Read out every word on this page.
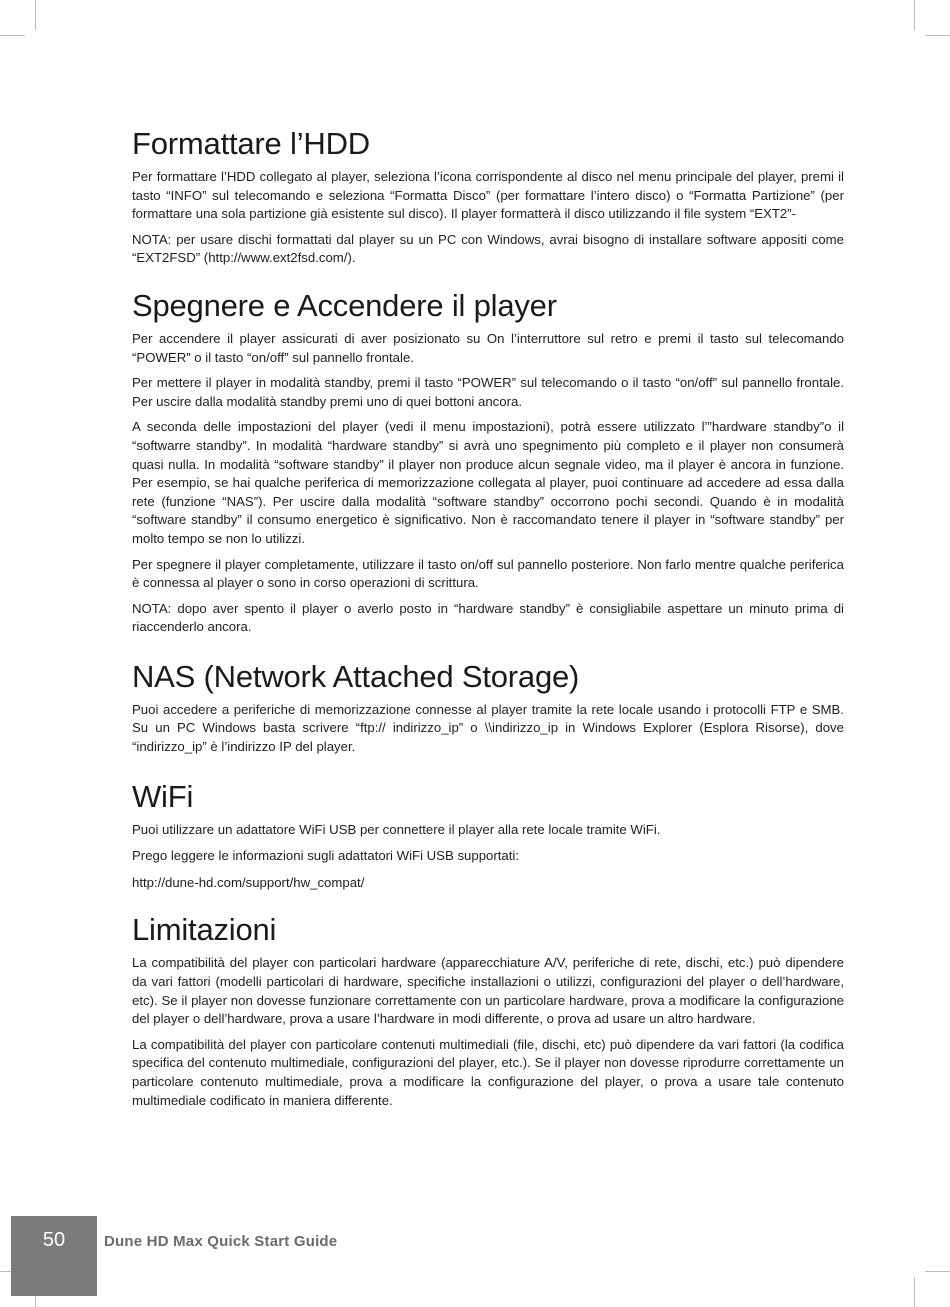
Formattare l’HDD

Per formattare l’HDD collegato al player, seleziona l’icona corrispondente al disco nel menu principale del player, premi il tasto “INFO” sul telecomando e seleziona “Formatta Disco” (per formattare l’intero disco) o “Formatta Partizione” (per formattare una sola partizione già esistente sul disco). Il player formatterà il disco utilizzando il file system “EXT2”-

NOTA: per usare dischi formattati dal player su un PC con Windows, avrai bisogno di installare software appositi come “EXT2FSD” (http://www.ext2fsd.com/).

Spegnere e Accendere il player

Per accendere il player assicurati di aver posizionato su On l’interruttore sul retro e premi il tasto sul telecomando “POWER” o il tasto “on/off” sul pannello frontale.

Per mettere il player in modalità standby, premi il tasto “POWER” sul telecomando o il tasto “on/off” sul pannello frontale. Per uscire dalla modalità standby premi uno di quei bottoni ancora.

A seconda delle impostazioni del player (vedi il menu impostazioni), potrà essere utilizzato l’”hardware standby”o il “softwarre standby”. In modalità “hardware standby” si avrà uno spegnimento più completo e il player non consumerà quasi nulla. In modalità “software standby” il player non produce alcun segnale video, ma il player è ancora in funzione. Per esempio, se hai qualche periferica di memorizzazione collegata al player, puoi continuare ad accedere ad essa dalla rete (funzione “NAS”). Per uscire dalla modalità “software standby” occorrono pochi secondi. Quando è in modalità “software standby” il consumo energetico è significativo. Non è raccomandato tenere il player in “software standby” per molto tempo se non lo utilizzi.

Per spegnere il player completamente, utilizzare il tasto on/off sul pannello posteriore. Non farlo mentre qualche periferica è connessa al player o sono in corso operazioni di scrittura.

NOTA: dopo aver spento il player o averlo posto in “hardware standby” è consigliabile aspettare un minuto prima di riaccenderlo ancora.

NAS (Network Attached Storage)

Puoi accedere a periferiche di memorizzazione connesse al player tramite la rete locale usando i protocolli FTP e SMB. Su un PC Windows basta scrivere “ftp:// indirizzo_ip” o \\indirizzo_ip in Windows Explorer (Esplora Risorse), dove “indirizzo_ip” è l’indirizzo IP del player.

WiFi

Puoi utilizzare un adattatore WiFi USB per connettere il player alla rete locale tramite WiFi.

Prego leggere le informazioni sugli adattatori WiFi USB supportati:

http://dune-hd.com/support/hw_compat/

Limitazioni

La compatibilità del player con particolari hardware (apparecchiature A/V, periferiche di rete, dischi, etc.) può dipendere da vari fattori (modelli particolari di hardware, specifiche installazioni o utilizzi, configurazioni del player o dell’hardware, etc). Se il player non dovesse funzionare correttamente con un particolare hardware, prova a modificare la configurazione del player o dell’hardware, prova a usare l’hardware in modi differente, o prova ad usare un altro hardware.

La compatibilità del player con particolare contenuti multimediali (file, dischi, etc) può dipendere da vari fattori (la codifica specifica del contenuto multimediale, configurazioni del player, etc.). Se il player non dovesse riprodurre correttamente un particolare contenuto multimediale, prova a modificare la configurazione del player, o prova a usare tale contenuto multimediale codificato in maniera differente.

50	Dune HD Max Quick Start Guide
